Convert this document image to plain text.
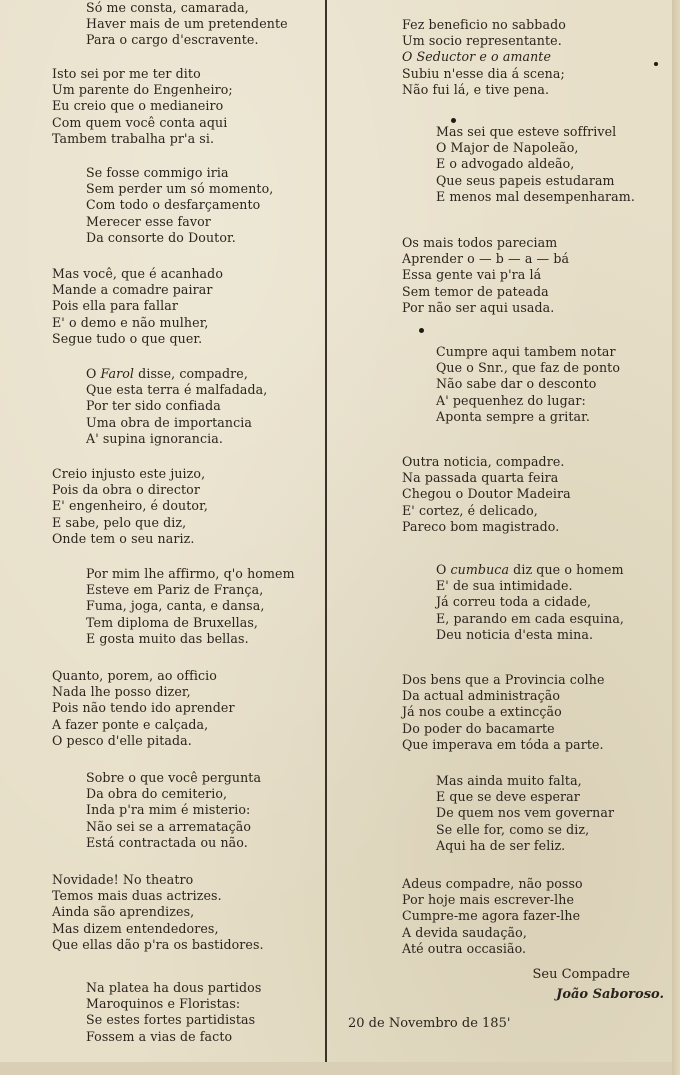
Só me consta, camarada,
Haver mais de um pretendente
Para o cargo d'escravente.
Isto sei por me ter dito
Um parente do Engenheiro;
Eu creio que o medianeiro
Com quem você conta aqui
Tambem trabalha pr'a si.
Se fosse commigo iria
Sem perder um só momento,
Com todo o desfarçamento
Merecer esse favor
Da consorte do Doutor.
Mas você, que é acanhado
Mande a comadre pairar
Pois ella para fallar
E' o demo e não mulher,
Segue tudo o que quer.
O Farol disse, compadre,
Que esta terra é malfadada,
Por ter sido confiada
Uma obra de importancia
A' supina ignorancia.
Creio injusto este juizo,
Pois da obra o director
E' engenheiro, é doutor,
E sabe, pelo que diz,
Onde tem o seu nariz.
Por mim lhe affirmo, q'o homem
Esteve em Pariz de França,
Fuma, joga, canta, e dansa,
Tem diploma de Bruxellas,
E gosta muito das bellas.
Quanto, porem, ao officio
Nada lhe posso dizer,
Pois não tendo ido aprender
A fazer ponte e calçada,
O pesco d'elle pitada.
Sobre o que você pergunta
Da obra do cemiterio,
Inda p'ra mim é misterio:
Não sei se a arrematação
Está contractada ou não.
Novidade! No theatro
Temos mais duas actrizes.
Ainda são aprendizes,
Mas dizem entendedores,
Que ellas dão p'ra os bastidores.
Na platea ha dous partidos
Maroquinos e Floristas:
Se estes fortes partidistas
Fossem a vias de facto
Fez beneficio no sabbado
Um socio representante.
O Seductor e o amante
Subiu n'esse dia á scena;
Não fui lá, e tive pena.
Mas sei que esteve soffrivel
O Major de Napoleão,
E o advogado aldeão,
Que seus papeis estudaram
E menos mal desempenharam.
Os mais todos pareciam
Aprender o — b — a — bá
Essa gente vai p'ra lá
Sem temor de pateada
Por não ser aqui usada.
Cumpre aqui tambem notar
Que o Snr., que faz de ponto
Não sabe dar o desconto
A' pequenhez do lugar:
Aponta sempre a gritar.
Outra noticia, compadre.
Na passada quarta feira
Chegou o Doutor Madeira
E' cortez, é delicado,
Pareco bom magistrado.
O cumbuca diz que o homem
E' de sua intimidade.
Já correu toda a cidade,
E, parando em cada esquina,
Deu noticia d'esta mina.
Dos bens que a Provincia colhe
Da actual administração
Já nos coube a extincção
Do poder do bacamarte
Que imperava em tóda a parte.
Mas ainda muito falta,
E que se deve esperar
De quem nos vem governar
Se elle for, como se diz,
Aqui ha de ser feliz.
Adeus compadre, não posso
Por hoje mais escrever-lhe
Cumpre-me agora fazer-lhe
A devida saudação,
Até outra occasião.
Seu Compadre
João Saboroso.
20 de Novembro de 185'
